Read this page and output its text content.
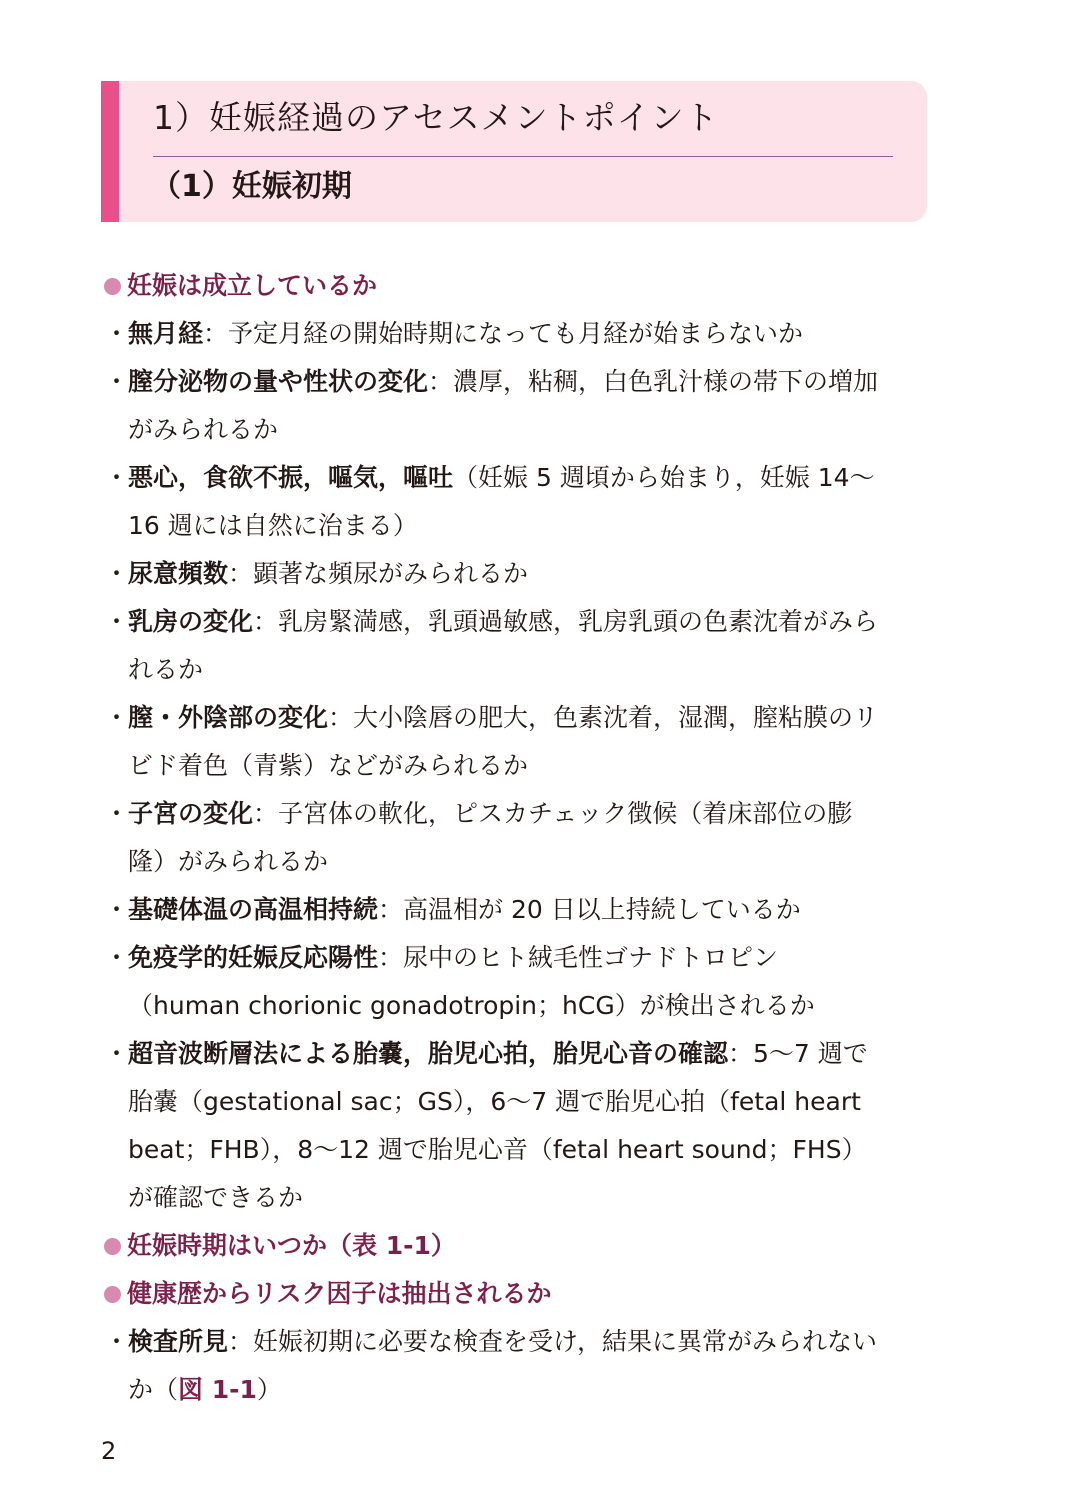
1）妊娠経過のアセスメントポイント
（1）妊娠初期
妊娠は成立しているか
・無月経：予定月経の開始時期になっても月経が始まらないか
・膣分泌物の量や性状の変化：濃厚，粘稠，白色乳汁様の帯下の増加
がみられるか
・悪心，食欲不振，嘔気，嘔吐（妊娠 5 週頃から始まり，妊娠 14～
16 週には自然に治まる）
・尿意頻数：顕著な頻尿がみられるか
・乳房の変化：乳房緊満感，乳頭過敏感，乳房乳頭の色素沈着がみら
れるか
・膣・外陰部の変化：大小陰唇の肥大，色素沈着，湿潤，膣粘膜のリ
ビド着色（青紫）などがみられるか
・子宮の変化：子宮体の軟化，ピスカチェック徴候（着床部位の膨
隆）がみられるか
・基礎体温の高温相持続：高温相が 20 日以上持続しているか
・免疫学的妊娠反応陽性：尿中のヒト絨毛性ゴナドトロピン
（human chorionic gonadotropin；hCG）が検出されるか
・超音波断層法による胎嚢，胎児心拍，胎児心音の確認：5～7 週で
胎嚢（gestational sac；GS），6～7 週で胎児心拍（fetal heart
beat；FHB），8～12 週で胎児心音（fetal heart sound；FHS）
が確認できるか
妊娠時期はいつか（表 1-1）
健康歴からリスク因子は抽出されるか
・検査所見：妊娠初期に必要な検査を受け，結果に異常がみられない
か（図 1-1）
2
